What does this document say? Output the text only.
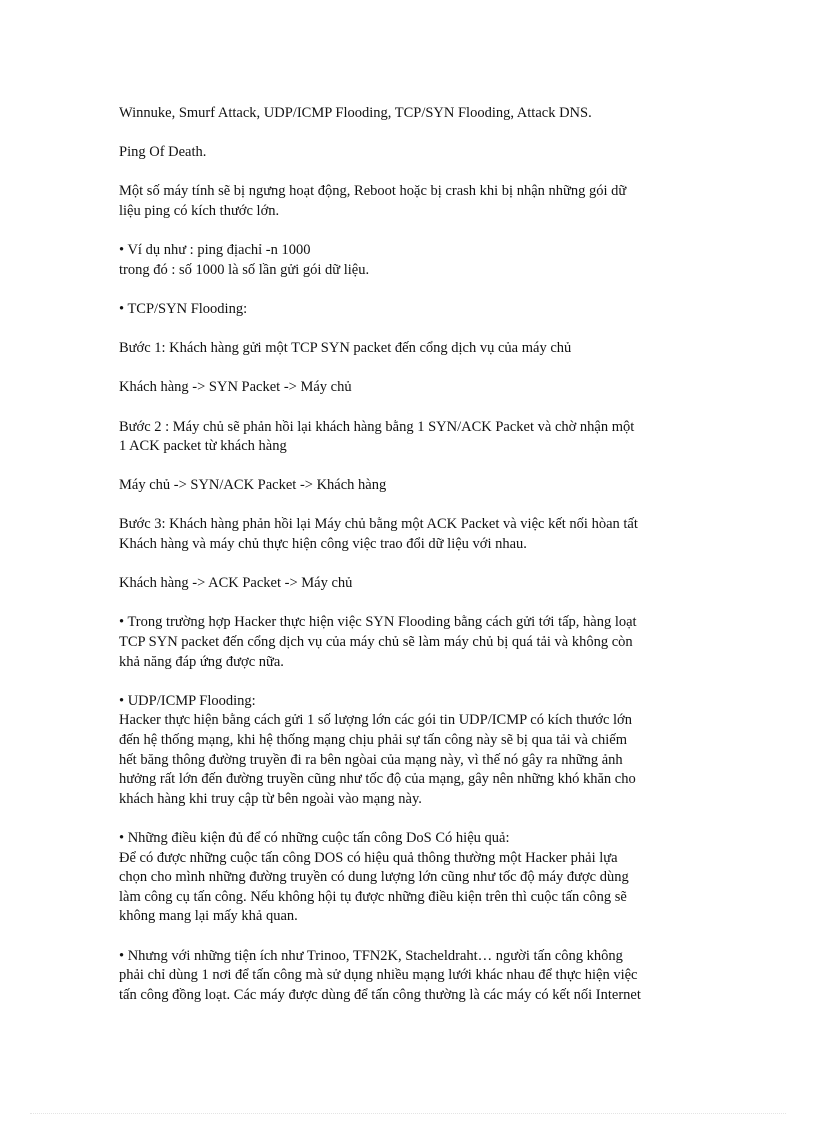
Winnuke, Smurf Attack, UDP/ICMP Flooding, TCP/SYN Flooding, Attack DNS.

Ping Of Death.

Một số máy tính sẽ bị ngưng hoạt động, Reboot hoặc bị crash khi bị nhận những gói dữ
liệu ping có kích thước lớn.

• Ví dụ như : ping địachỉ -n 1000
trong đó : số 1000 là số lần gửi gói dữ liệu.

• TCP/SYN Flooding:

Bước 1: Khách hàng gửi một TCP SYN packet đến cổng dịch vụ của máy chủ

Khách hàng -> SYN Packet -> Máy chủ

Bước 2 : Máy chủ sẽ phản hồi lại khách hàng bằng 1 SYN/ACK Packet và chờ nhận một
1 ACK packet từ khách hàng

Máy chủ -> SYN/ACK Packet -> Khách hàng

Bước 3: Khách hàng phản hồi lại Máy chủ bằng một ACK Packet và việc kết nối hòan tất
Khách hàng và máy chủ thực hiện công việc trao đổi dữ liệu với nhau.

Khách hàng -> ACK Packet -> Máy chủ

• Trong trường hợp Hacker thực hiện việc SYN Flooding bằng cách gửi tới tấp, hàng loạt
TCP SYN packet đến cổng dịch vụ của máy chủ sẽ làm máy chủ bị quá tải và không còn
khả năng đáp ứng được nữa.

• UDP/ICMP Flooding:
Hacker thực hiện bằng cách gửi 1 số lượng lớn các gói tin UDP/ICMP có kích thước lớn
đến hệ thống mạng, khi hệ thống mạng chịu phải sự tấn công này sẽ bị qua tải và chiếm
hết băng thông đường truyền đi ra bên ngòai của mạng này, vì thế nó gây ra những ảnh
hưởng rất lớn đến đường truyền cũng như tốc độ của mạng, gây nên những khó khăn cho
khách hàng khi truy cập từ bên ngoài vào mạng này.

• Những điều kiện đủ để có những cuộc tấn công DoS Có hiệu quả:
Để có được những cuộc tấn công DOS có hiệu quả thông thường một Hacker phải lựa
chọn cho mình những đường truyền có dung lượng lớn cũng như tốc độ máy được dùng
làm công cụ tấn công. Nếu không hội tụ được những điều kiện trên thì cuộc tấn công sẽ
không mang lại mấy khả quan.

• Nhưng với những tiện ích như Trinoo, TFN2K, Stacheldraht… người tấn công không
phải chỉ dùng 1 nơi để tấn công mà sử dụng nhiều mạng lưới khác nhau để thực hiện việc
tấn công đồng loạt. Các máy được dùng để tấn công thường là các máy có kết nối Internet
